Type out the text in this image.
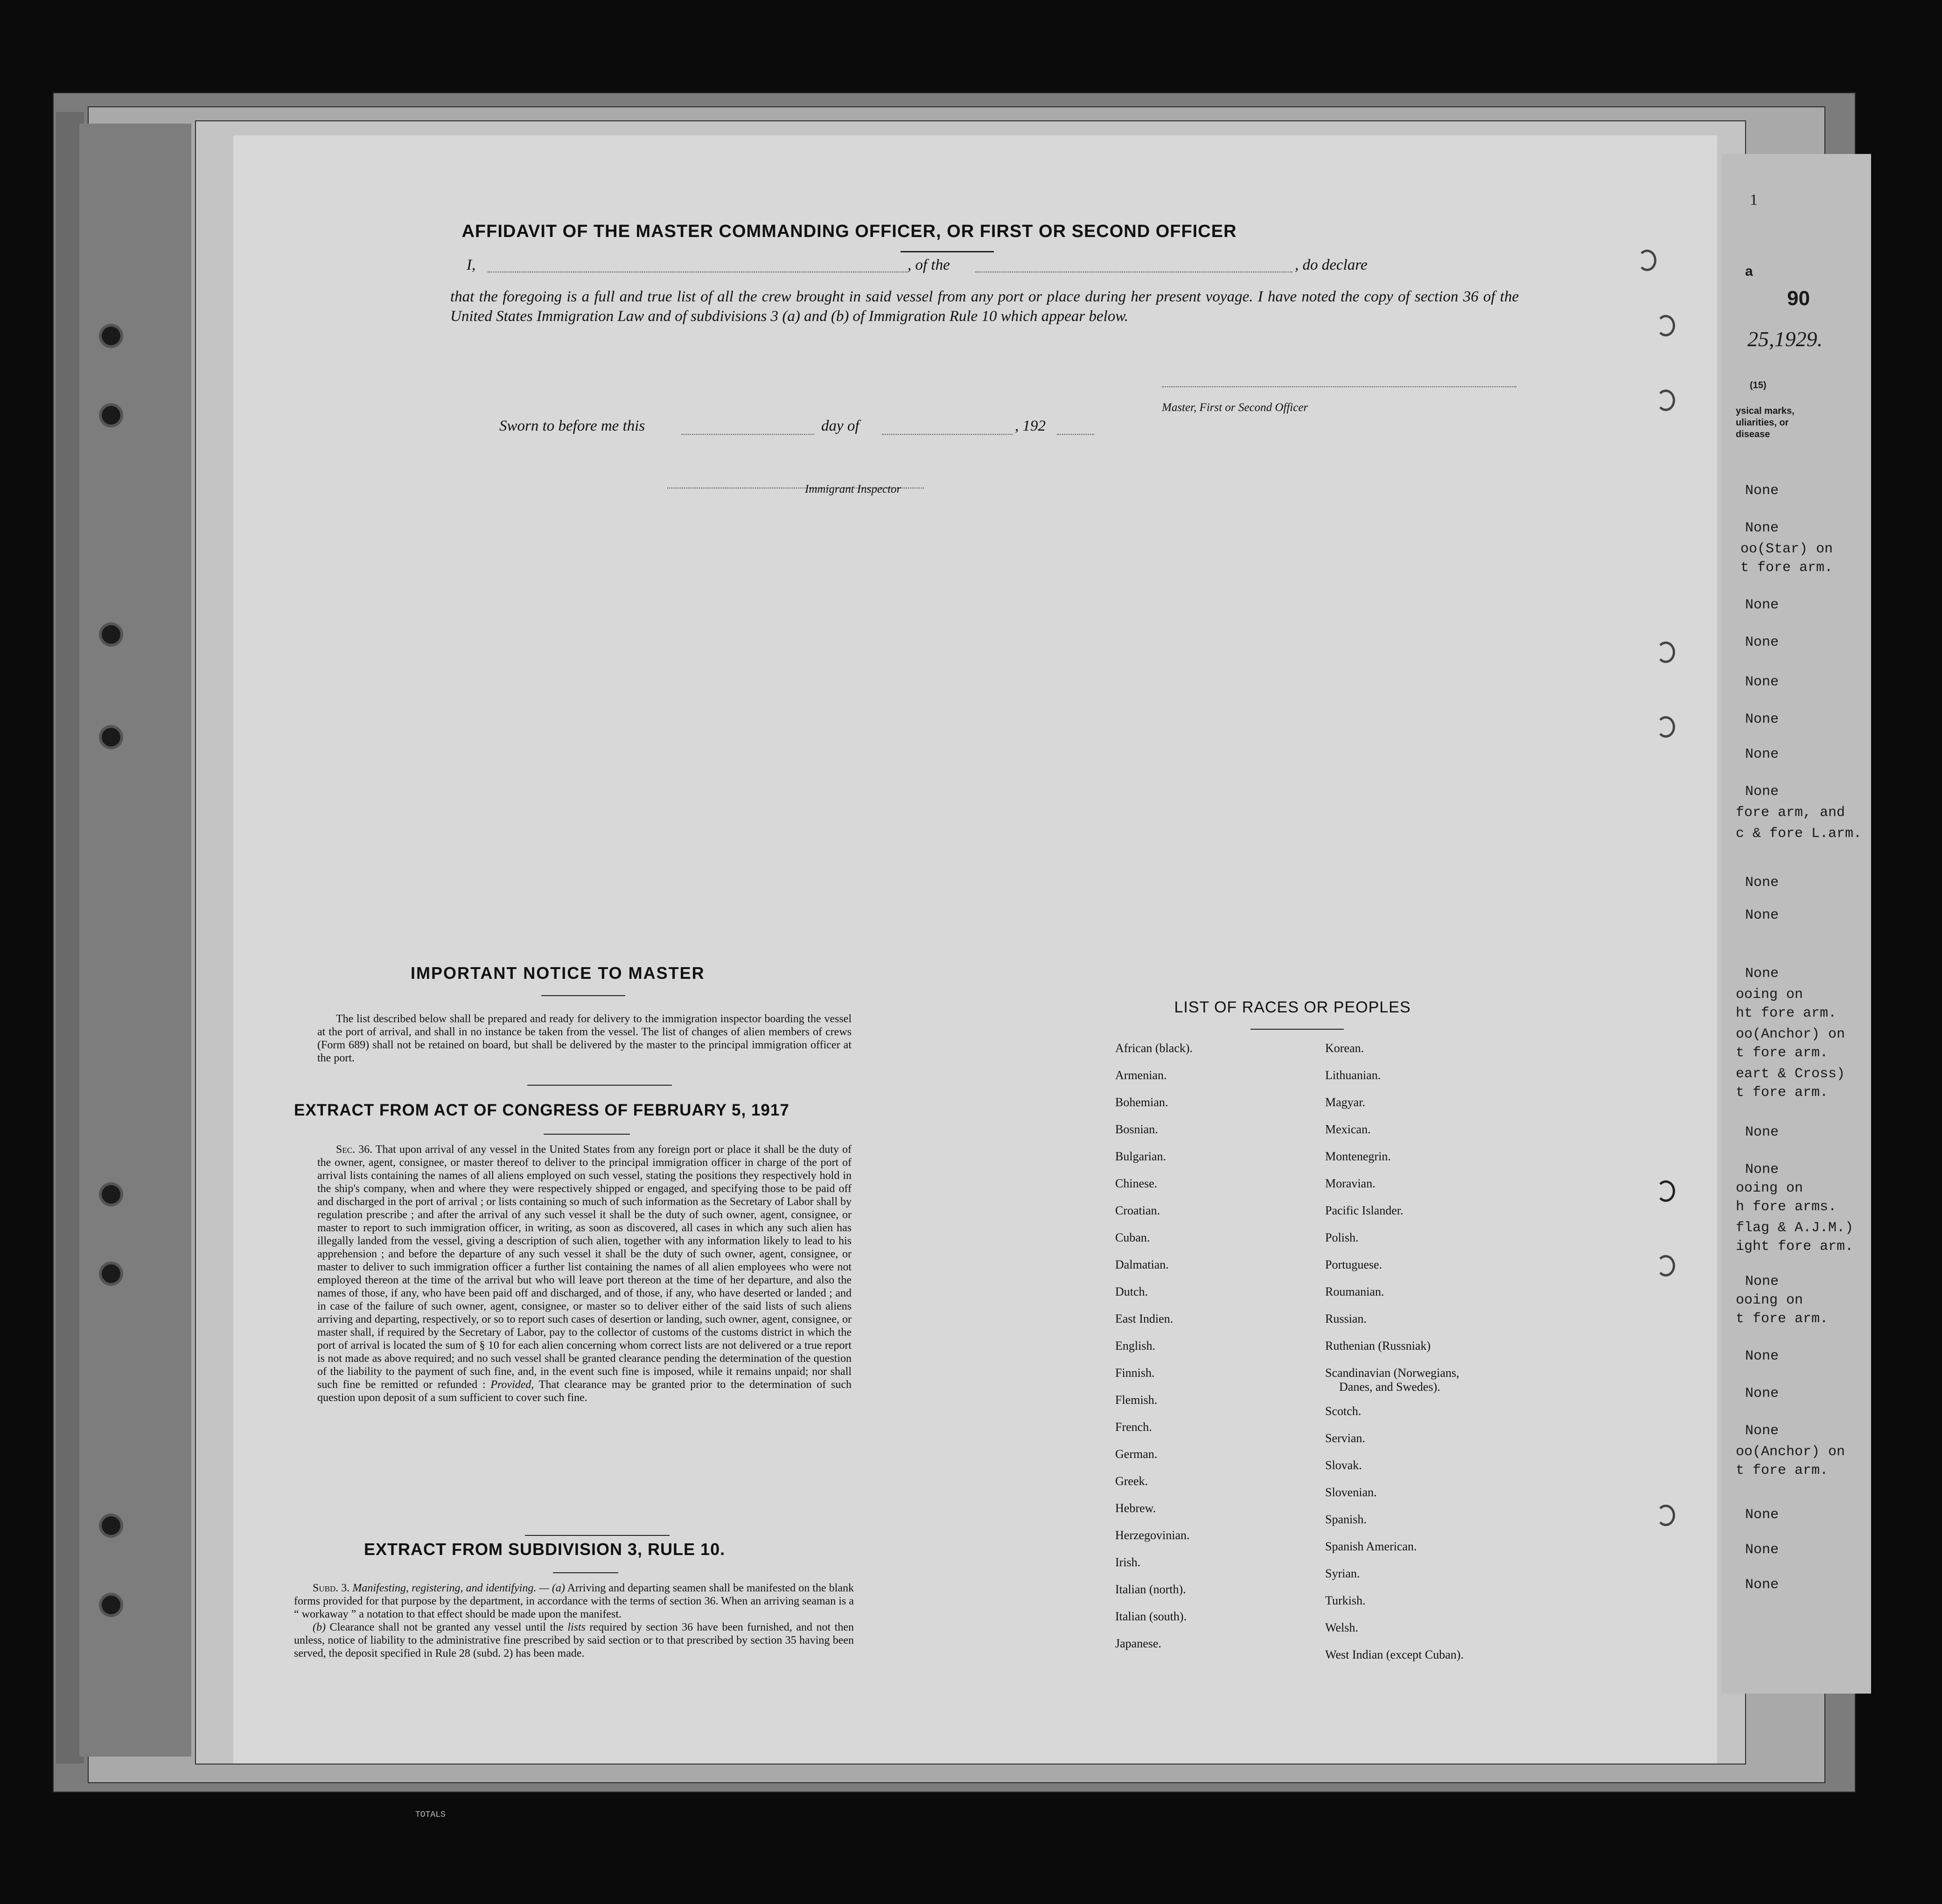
TOTALS
1
a
90
25,1929.
(15)
ysical marks,
uliarities, or
disease
None
None
oo(Star) on
t fore arm.
None
None
None
None
None
None
fore arm, and
c & fore L.arm.
None
None
None
ooing on
ht fore arm.
oo(Anchor) on
t fore arm.
eart & Cross)
t fore arm.
None
None
ooing on
h fore arms.
flag & A.J.M.)
ight fore arm.
None
ooing on
t fore arm.
None
None
None
oo(Anchor) on
t fore arm.
None
None
None
AFFIDAVIT OF THE MASTER COMMANDING OFFICER, OR FIRST OR SECOND OFFICER
I,	, of the	, do declare
that the foregoing is a full and true list of all the crew brought in said vessel from any port or place during her present voyage. I have noted the copy of section 36 of the United States Immigration Law and of subdivisions 3 (a) and (b) of Immigration Rule 10 which appear below.
Master, First or Second Officer
Sworn to before me this	day of	, 192
Immigrant Inspector
IMPORTANT NOTICE TO MASTER
The list described below shall be prepared and ready for delivery to the immigration inspector boarding the vessel at the port of arrival, and shall in no instance be taken from the vessel. The list of changes of alien members of crews (Form 689) shall not be retained on board, but shall be delivered by the master to the principal immigration officer at the port.
EXTRACT FROM ACT OF CONGRESS OF FEBRUARY 5, 1917
Sec. 36. That upon arrival of any vessel in the United States from any foreign port or place it shall be the duty of the owner, agent, consignee, or master thereof to deliver to the principal immigration officer in charge of the port of arrival lists containing the names of all aliens employed on such vessel, stating the positions they respectively hold in the ship's company, when and where they were respectively shipped or engaged, and specifying those to be paid off and discharged in the port of arrival ; or lists containing so much of such information as the Secretary of Labor shall by regulation prescribe ; and after the arrival of any such vessel it shall be the duty of such owner, agent, consignee, or master to report to such immigration officer, in writing, as soon as discovered, all cases in which any such alien has illegally landed from the vessel, giving a description of such alien, together with any information likely to lead to his apprehension ; and before the departure of any such vessel it shall be the duty of such owner, agent, consignee, or master to deliver to such immigration officer a further list containing the names of all alien employees who were not employed thereon at the time of the arrival but who will leave port thereon at the time of her departure, and also the names of those, if any, who have been paid off and discharged, and of those, if any, who have deserted or landed ; and in case of the failure of such owner, agent, consignee, or master so to deliver either of the said lists of such aliens arriving and departing, respectively, or so to report such cases of desertion or landing, such owner, agent, consignee, or master shall, if required by the Secretary of Labor, pay to the collector of customs of the customs district in which the port of arrival is located the sum of § 10 for each alien concerning whom correct lists are not delivered or a true report is not made as above required; and no such vessel shall be granted clearance pending the determination of the question of the liability to the payment of such fine, and, in the event such fine is imposed, while it remains unpaid; nor shall such fine be remitted or refunded : Provided, That clearance may be granted prior to the determination of such question upon deposit of a sum sufficient to cover such fine.
EXTRACT FROM SUBDIVISION 3, RULE 10.
Subd. 3. Manifesting, registering, and identifying. — (a) Arriving and departing seamen shall be manifested on the blank forms provided for that purpose by the department, in accordance with the terms of section 36. When an arriving seaman is a “ workaway ” a notation to that effect should be made upon the manifest.
(b) Clearance shall not be granted any vessel until the lists required by section 36 have been furnished, and not then unless, notice of liability to the administrative fine prescribed by said section or to that prescribed by section 35 having been served, the deposit specified in Rule 28 (subd. 2) has been made.
LIST OF RACES OR PEOPLES
African (black).
Armenian.
Bohemian.
Bosnian.
Bulgarian.
Chinese.
Croatian.
Cuban.
Dalmatian.
Dutch.
East Indien.
English.
Finnish.
Flemish.
French.
German.
Greek.
Hebrew.
Herzegovinian.
Irish.
Italian (north).
Italian (south).
Japanese.
Korean.
Lithuanian.
Magyar.
Mexican.
Montenegrin.
Moravian.
Pacific Islander.
Polish.
Portuguese.
Roumanian.
Russian.
Ruthenian (Russniak)
Scandinavian (Norwegians,
Danes, and Swedes).
Scotch.
Servian.
Slovak.
Slovenian.
Spanish.
Spanish American.
Syrian.
Turkish.
Welsh.
West Indian (except Cuban).
